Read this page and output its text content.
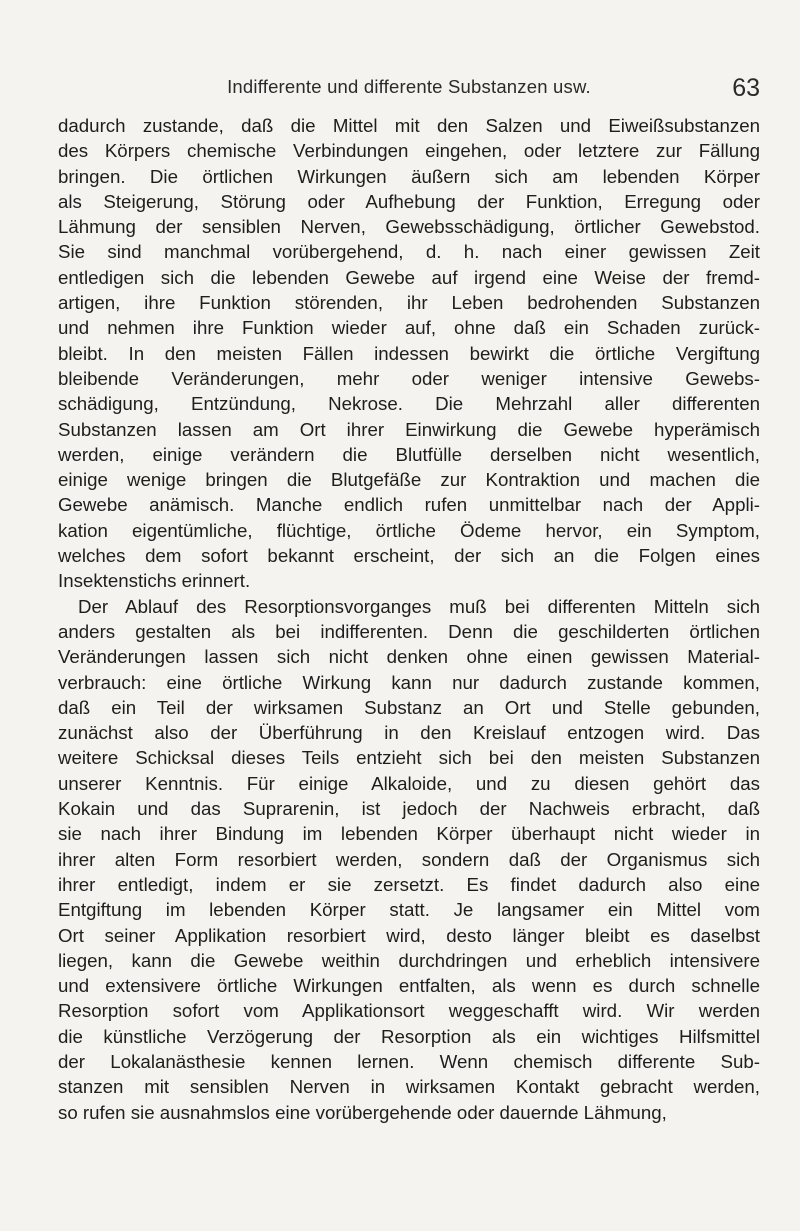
Indifferente und differente Substanzen usw.	63
dadurch zustande, daß die Mittel mit den Salzen und Eiweißsubstanzen
des Körpers chemische Verbindungen eingehen, oder letztere zur Fällung
bringen. Die örtlichen Wirkungen äußern sich am lebenden Körper
als Steigerung, Störung oder Aufhebung der Funktion, Erregung oder
Lähmung der sensiblen Nerven, Gewebsschädigung, örtlicher Gewebstod.
Sie sind manchmal vorübergehend, d. h. nach einer gewissen Zeit
entledigen sich die lebenden Gewebe auf irgend eine Weise der fremd-
artigen, ihre Funktion störenden, ihr Leben bedrohenden Substanzen
und nehmen ihre Funktion wieder auf, ohne daß ein Schaden zurück-
bleibt. In den meisten Fällen indessen bewirkt die örtliche Vergiftung
bleibende Veränderungen, mehr oder weniger intensive Gewebs-
schädigung, Entzündung, Nekrose. Die Mehrzahl aller differenten
Substanzen lassen am Ort ihrer Einwirkung die Gewebe hyperämisch
werden, einige verändern die Blutfülle derselben nicht wesentlich,
einige wenige bringen die Blutgefäße zur Kontraktion und machen die
Gewebe anämisch. Manche endlich rufen unmittelbar nach der Appli-
kation eigentümliche, flüchtige, örtliche Ödeme hervor, ein Symptom,
welches dem sofort bekannt erscheint, der sich an die Folgen eines
Insektenstichs erinnert.
Der Ablauf des Resorptionsvorganges muß bei differenten Mitteln sich
anders gestalten als bei indifferenten. Denn die geschilderten örtlichen
Veränderungen lassen sich nicht denken ohne einen gewissen Material-
verbrauch: eine örtliche Wirkung kann nur dadurch zustande kommen,
daß ein Teil der wirksamen Substanz an Ort und Stelle gebunden,
zunächst also der Überführung in den Kreislauf entzogen wird. Das
weitere Schicksal dieses Teils entzieht sich bei den meisten Substanzen
unserer Kenntnis. Für einige Alkaloide, und zu diesen gehört das
Kokain und das Suprarenin, ist jedoch der Nachweis erbracht, daß
sie nach ihrer Bindung im lebenden Körper überhaupt nicht wieder in
ihrer alten Form resorbiert werden, sondern daß der Organismus sich
ihrer entledigt, indem er sie zersetzt. Es findet dadurch also eine
Entgiftung im lebenden Körper statt. Je langsamer ein Mittel vom
Ort seiner Applikation resorbiert wird, desto länger bleibt es daselbst
liegen, kann die Gewebe weithin durchdringen und erheblich intensivere
und extensivere örtliche Wirkungen entfalten, als wenn es durch schnelle
Resorption sofort vom Applikationsort weggeschafft wird. Wir werden
die künstliche Verzögerung der Resorption als ein wichtiges Hilfsmittel
der Lokalanästhesie kennen lernen. Wenn chemisch differente Sub-
stanzen mit sensiblen Nerven in wirksamen Kontakt gebracht werden,
so rufen sie ausnahmslos eine vorübergehende oder dauernde Lähmung,
